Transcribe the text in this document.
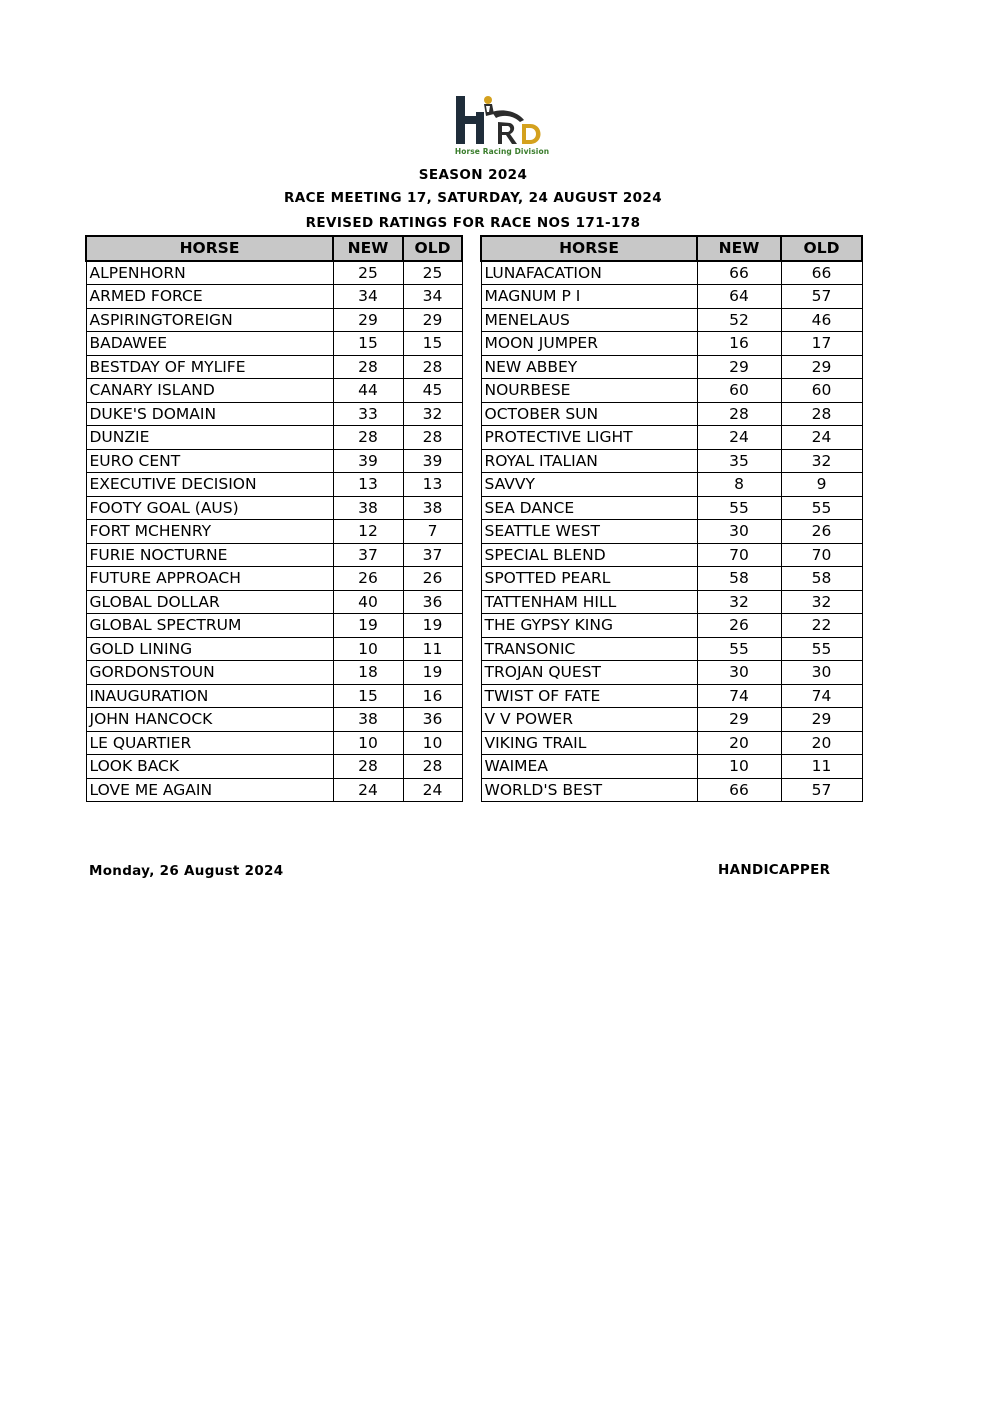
Horse Racing Division
SEASON 2024
RACE MEETING 17, SATURDAY, 24 AUGUST 2024
REVISED RATINGS FOR RACE NOS 171-178
HORSE	NEW	OLD
ALPENHORN	25	25
ARMED FORCE	34	34
ASPIRINGTOREIGN	29	29
BADAWEE	15	15
BESTDAY OF MYLIFE	28	28
CANARY ISLAND	44	45
DUKE'S DOMAIN	33	32
DUNZIE	28	28
EURO CENT	39	39
EXECUTIVE DECISION	13	13
FOOTY GOAL (AUS)	38	38
FORT MCHENRY	12	7
FURIE NOCTURNE	37	37
FUTURE APPROACH	26	26
GLOBAL DOLLAR	40	36
GLOBAL SPECTRUM	19	19
GOLD LINING	10	11
GORDONSTOUN	18	19
INAUGURATION	15	16
JOHN HANCOCK	38	36
LE QUARTIER	10	10
LOOK BACK	28	28
LOVE ME AGAIN	24	24
HORSE	NEW	OLD
LUNAFACATION	66	66
MAGNUM P I	64	57
MENELAUS	52	46
MOON JUMPER	16	17
NEW ABBEY	29	29
NOURBESE	60	60
OCTOBER SUN	28	28
PROTECTIVE LIGHT	24	24
ROYAL ITALIAN	35	32
SAVVY	8	9
SEA DANCE	55	55
SEATTLE WEST	30	26
SPECIAL BLEND	70	70
SPOTTED PEARL	58	58
TATTENHAM HILL	32	32
THE GYPSY KING	26	22
TRANSONIC	55	55
TROJAN QUEST	30	30
TWIST OF FATE	74	74
V V POWER	29	29
VIKING TRAIL	20	20
WAIMEA	10	11
WORLD'S BEST	66	57
Monday, 26 August 2024	HANDICAPPER
